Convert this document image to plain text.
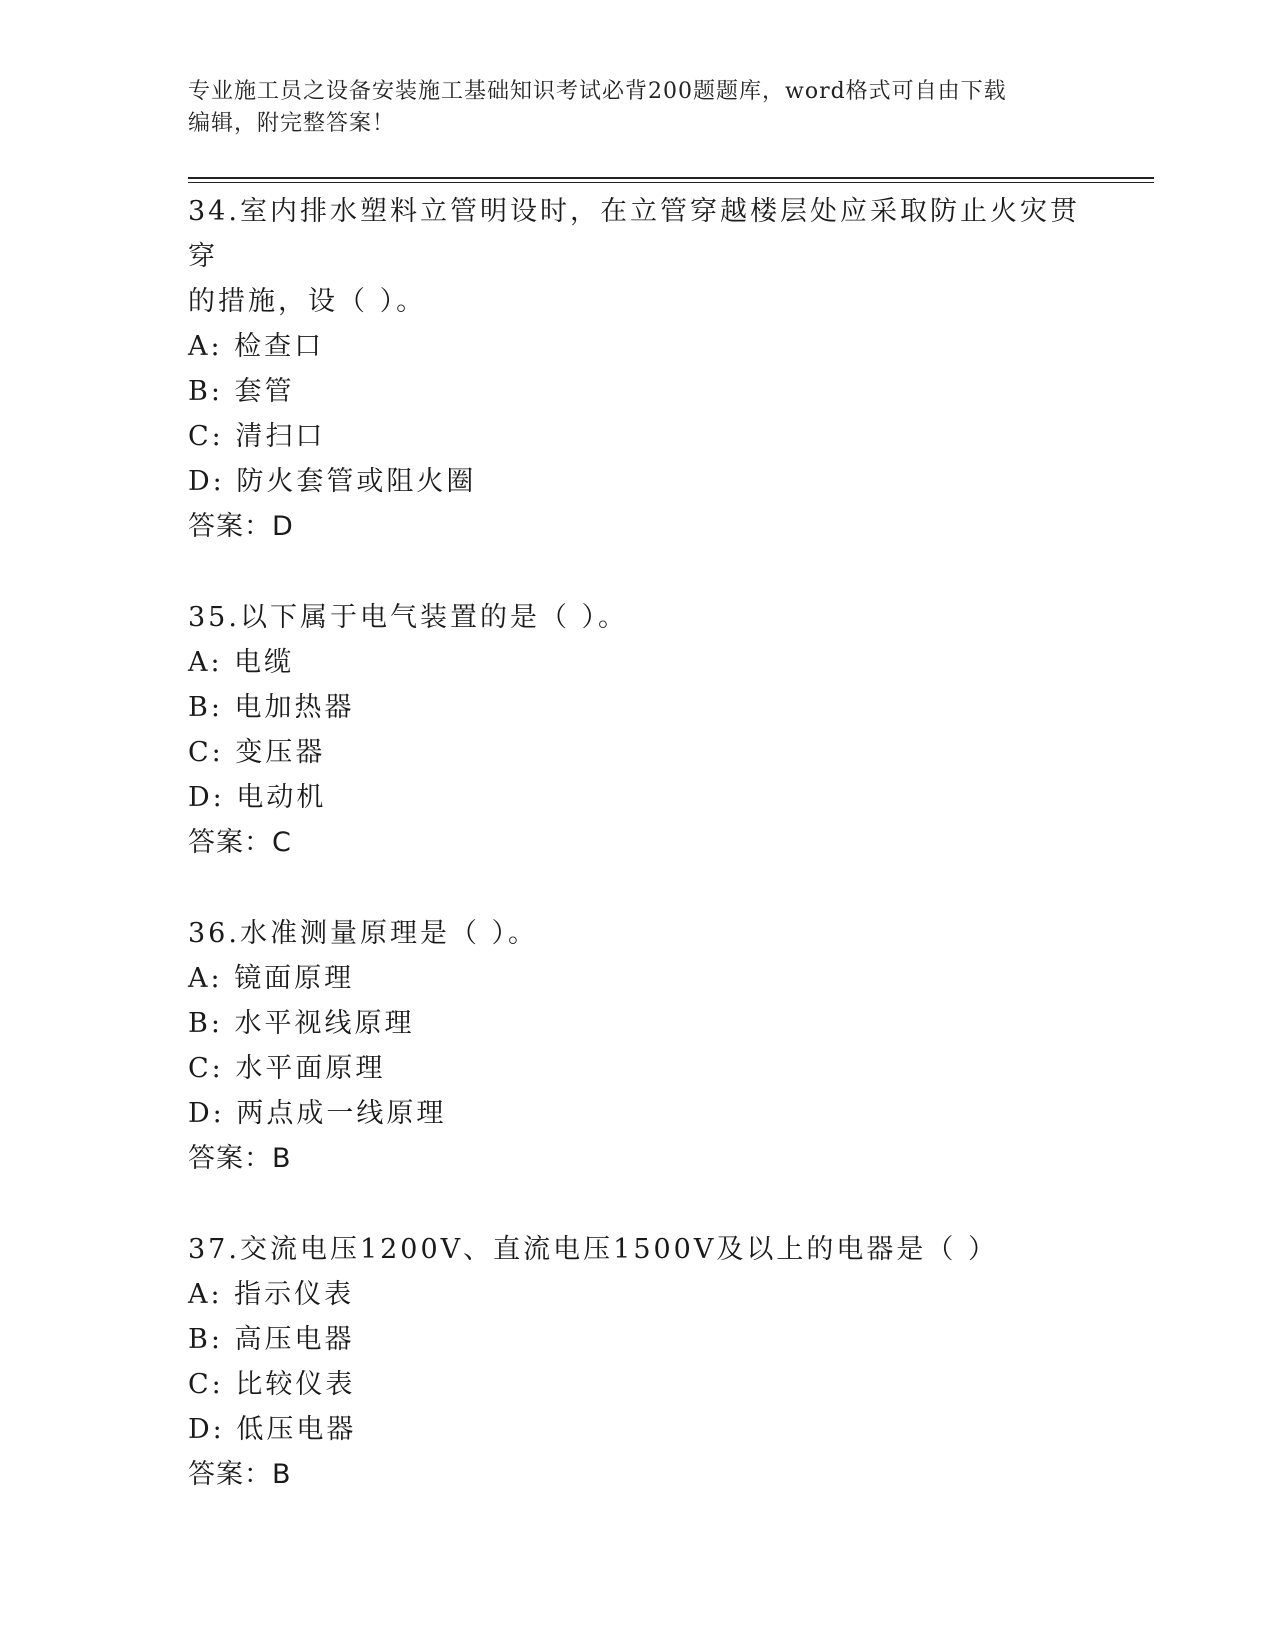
专业施工员之设备安装施工基础知识考试必背200题题库，word格式可自由下载
编辑，附完整答案！

34.室内排水塑料立管明设时，在立管穿越楼层处应采取防止火灾贯穿

的措施，设（ ）。

A: 检查口

B: 套管

C: 清扫口

D: 防火套管或阻火圈

答案：D

35.以下属于电气装置的是（ ）。

A: 电缆

B: 电加热器

C: 变压器

D: 电动机

答案：C

36.水准测量原理是（ ）。

A: 镜面原理

B: 水平视线原理

C: 水平面原理

D: 两点成一线原理

答案：B

37.交流电压1200V、直流电压1500V及以上的电器是（ ）

A: 指示仪表

B: 高压电器

C: 比较仪表

D: 低压电器

答案：B
